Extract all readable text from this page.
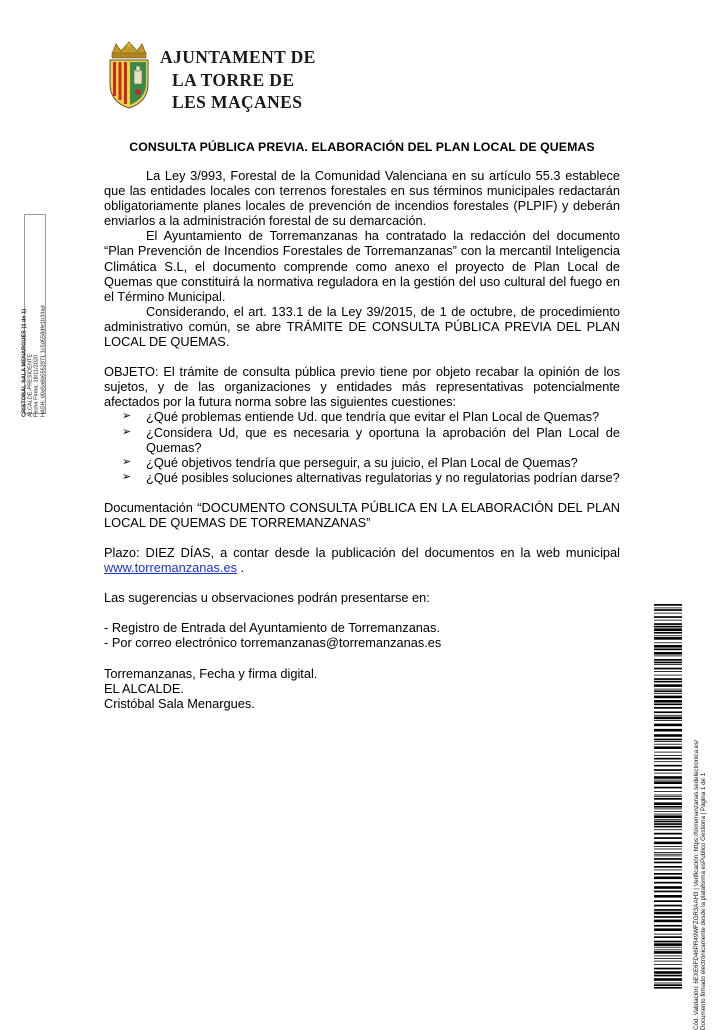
AJUNTAMENT DE
LA TORRE DE
LES MAÇANES
CRISTOBAL SALA MENARGUES (1 de 1) ALCALDE-PRESIDENTE Fecha Firma: 18/11/2020 HASH: d0a5a6b0562871 1c5d558dfe1b34ad
CONSULTA PÚBLICA PREVIA. ELABORACIÓN DEL PLAN LOCAL DE QUEMAS
La Ley 3/993, Forestal de la Comunidad Valenciana en su artículo 55.3 establece que las entidades locales con terrenos forestales en sus términos municipales redactarán obligatoriamente planes locales de prevención de incendios forestales (PLPIF) y deberán enviarlos a la administración forestal de su demarcación.
El Ayuntamiento de Torremanzanas ha contratado la redacción del documento “Plan Prevención de Incendios Forestales de Torremanzanas” con la mercantil Inteligencia Climática S.L, el documento comprende como anexo el proyecto de Plan Local de Quemas que constituirá la normativa reguladora en la gestión del uso cultural del fuego en el Término Municipal.
Considerando, el art. 133.1 de la Ley 39/2015, de 1 de octubre, de procedimiento administrativo común, se abre TRÁMITE DE CONSULTA PÚBLICA PREVIA DEL PLAN LOCAL DE QUEMAS.
OBJETO: El trámite de consulta pública previo tiene por objeto recabar la opinión de los sujetos, y de las organizaciones y entidades más representativas potencialmente afectados por la futura norma sobre las siguientes cuestiones:
➢ ¿Qué problemas entiende Ud. que tendría que evitar el Plan Local de Quemas?
➢ ¿Considera Ud, que es necesaria y oportuna la aprobación del Plan Local de Quemas?
➢ ¿Qué objetivos tendría que perseguir, a su juicio, el Plan Local de Quemas?
➢ ¿Qué posibles soluciones alternativas regulatorias y no regulatorias podrían darse?
Documentación “DOCUMENTO CONSULTA PÚBLICA EN LA ELABORACIÓN DEL PLAN LOCAL DE QUEMAS DE TORREMANZANAS”
Plazo: DIEZ DÍAS, a contar desde la publicación del documentos en la web municipal www.torremanzanas.es .
Las sugerencias u observaciones podrán presentarse en:
- Registro de Entrada del Ayuntamiento de Torremanzanas.
- Por correo electrónico torremanzanas@torremanzanas.es
Torremanzanas, Fecha y firma digital.
EL ALCALDE.
Cristóbal Sala Menargues.
Cód. Validación: 6EXE6FD46PR49WFZGR3AAH3 | Verificación: https://torremanzanas.sedelectronica.es/ Documento firmado electrónicamente desde la plataforma esPublico Gestiona | Página 1 de 1
